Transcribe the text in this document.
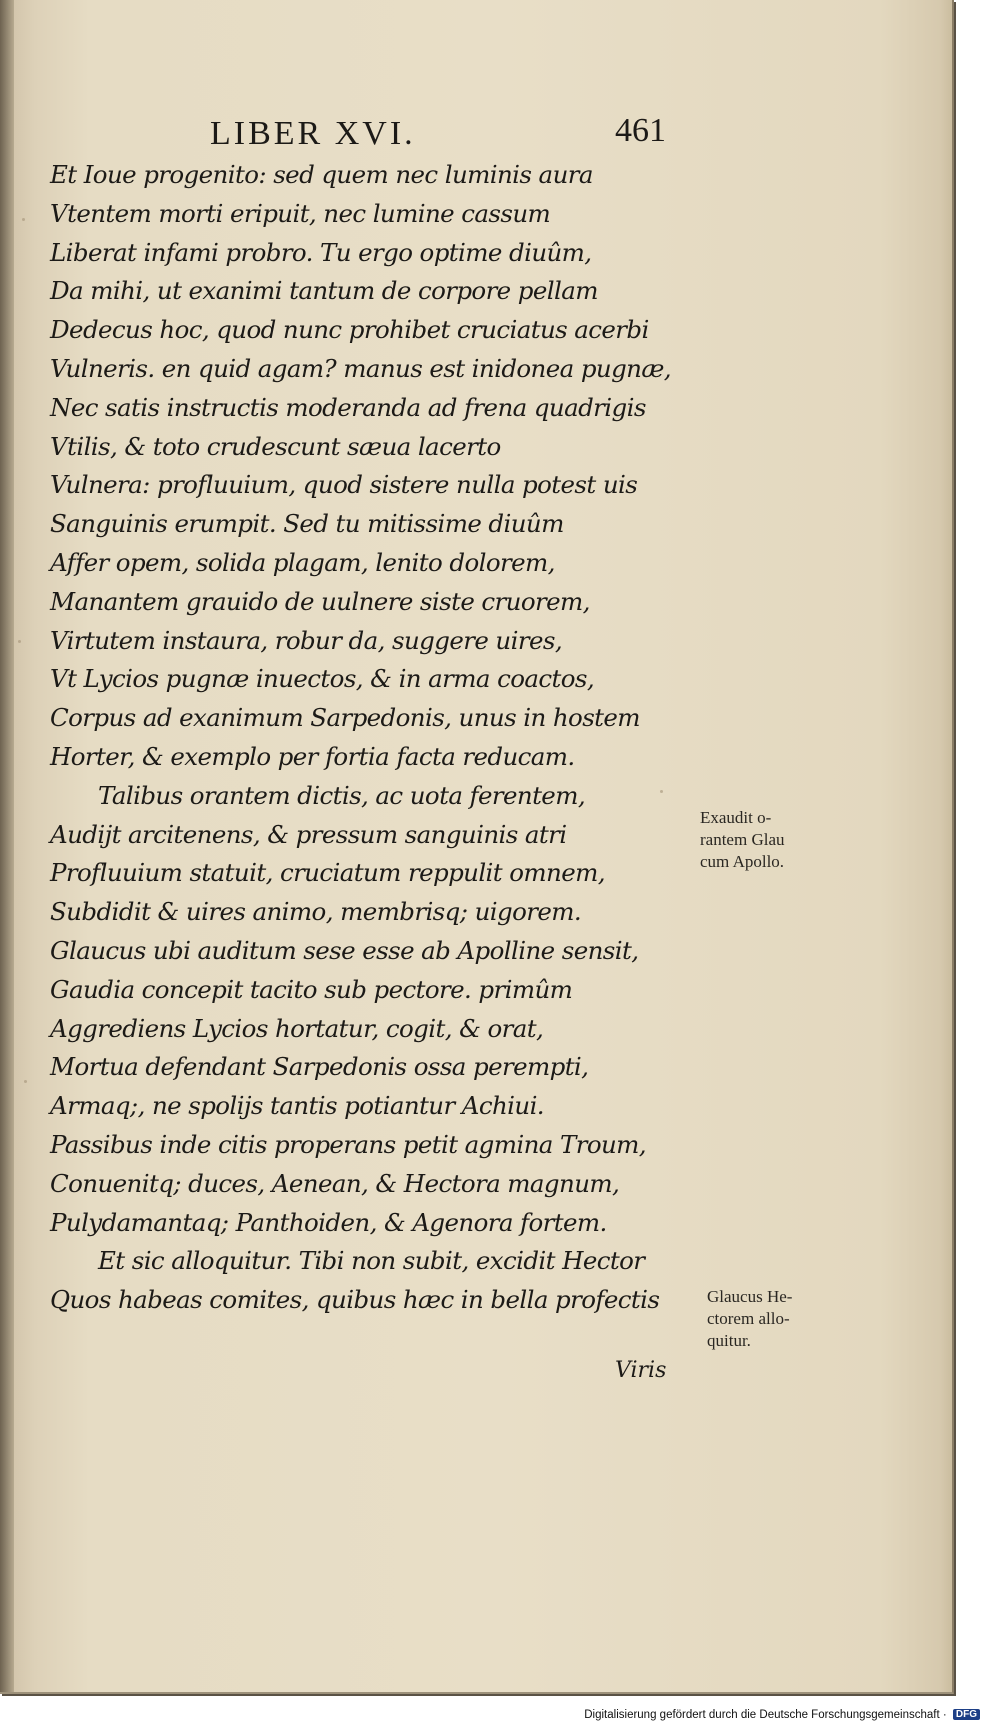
LIBER XVI.	461
Et Ioue progenito: sed quem nec luminis aura
Vtentem morti eripuit, nec lumine cassum
Liberat infami probro. Tu ergo optime diuûm,
Da mihi, ut exanimi tantum de corpore pellam
Dedecus hoc, quod nunc prohibet cruciatus acerbi
Vulneris. en quid agam? manus est inidonea pugnæ,
Nec satis instructis moderanda ad frena quadrigis
Vtilis, & toto crudescunt sæua lacerto
Vulnera: profluuium, quod sistere nulla potest uis
Sanguinis erumpit. Sed tu mitissime diuûm
Affer opem, solida plagam, lenito dolorem,
Manantem grauido de uulnere siste cruorem,
Virtutem instaura, robur da, suggere uires,
Vt Lycios pugnæ inuectos, & in arma coactos,
Corpus ad exanimum Sarpedonis, unus in hostem
Horter, & exemplo per fortia facta reducam.
Talibus orantem dictis, ac uota ferentem,
Audijt arcitenens, & pressum sanguinis atri
Profluuium statuit, cruciatum reppulit omnem,
Subdidit & uires animo, membrisq; uigorem.
Glaucus ubi auditum sese esse ab Apolline sensit,
Gaudia concepit tacito sub pectore. primûm
Aggrediens Lycios hortatur, cogit, & orat,
Mortua defendant Sarpedonis ossa perempti,
Armaq;, ne spolijs tantis potiantur Achiui.
Passibus inde citis properans petit agmina Troum,
Conuenitq; duces, Aenean, & Hectora magnum,
Pulydamantaq; Panthoiden, & Agenora fortem.
Et sic alloquitur. Tibi non subit, excidit Hector
Quos habeas comites, quibus hæc in bella profectis
Exaudit o-
rantem Glau
cum Apollo.
Glaucus He-
ctorem allo-
quitur.
Viris
Digitalisierung gefördert durch die Deutsche Forschungsgemeinschaft · DFG
